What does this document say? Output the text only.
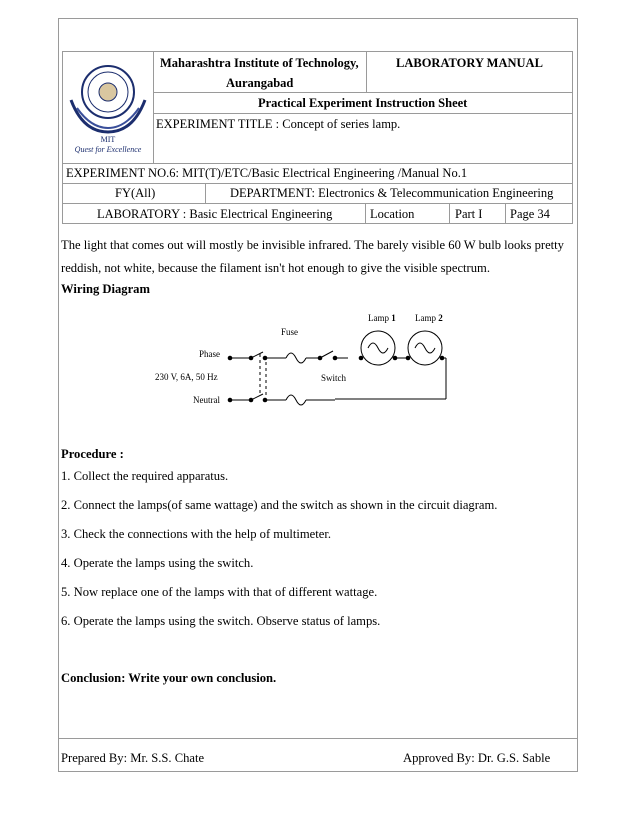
MIT
Quest for Excellence
Maharashtra Institute of Technology,
Aurangabad
LABORATORY MANUAL
Practical Experiment Instruction Sheet
EXPERIMENT TITLE : Concept of series lamp.
EXPERIMENT NO.6: MIT(T)/ETC/Basic Electrical Engineering /Manual No.1
FY(All)	DEPARTMENT: Electronics & Telecommunication Engineering
LABORATORY : Basic Electrical Engineering	Location	Part I Page 34
The light that comes out will mostly be invisible infrared. The barely visible 60 W bulb looks pretty
reddish, not white, because the filament isn't hot enough to give the visible spectrum.
Wiring Diagram
Fuse
Phase
230 V, 6A, 50 Hz
Neutral
Switch
Lamp 1 Lamp 2
Procedure :
1. Collect the required apparatus.
2. Connect the lamps(of same wattage) and the switch as shown in the circuit diagram.
3. Check the connections with the help of multimeter.
4. Operate the lamps using the switch.
5. Now replace one of the lamps with that of different wattage.
6. Operate the lamps using the switch. Observe status of lamps.
Conclusion: Write your own conclusion.
Prepared By: Mr. S.S. Chate	Approved By: Dr. G.S. Sable
